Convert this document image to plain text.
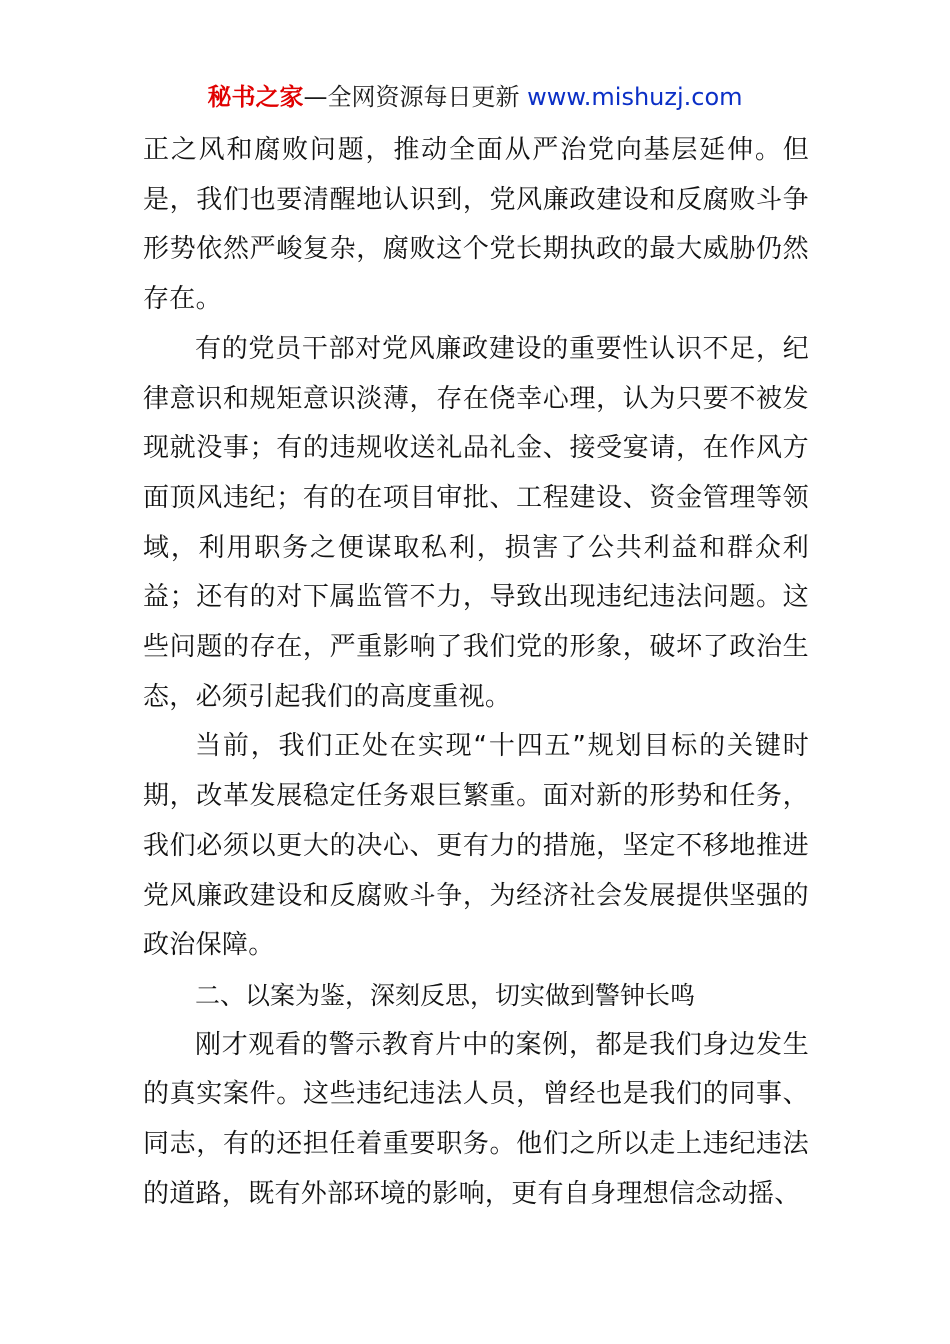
秘书之家—全网资源每日更新 www.mishuzj.com

正之风和腐败问题，推动全面从严治党向基层延伸。但是，我们也要清醒地认识到，党风廉政建设和反腐败斗争形势依然严峻复杂，腐败这个党长期执政的最大威胁仍然存在。

有的党员干部对党风廉政建设的重要性认识不足，纪律意识和规矩意识淡薄，存在侥幸心理，认为只要不被发现就没事；有的违规收送礼品礼金、接受宴请，在作风方面顶风违纪；有的在项目审批、工程建设、资金管理等领域，利用职务之便谋取私利，损害了公共利益和群众利益；还有的对下属监管不力，导致出现违纪违法问题。这些问题的存在，严重影响了我们党的形象，破坏了政治生态，必须引起我们的高度重视。

当前，我们正处在实现“十四五”规划目标的关键时期，改革发展稳定任务艰巨繁重。面对新的形势和任务，我们必须以更大的决心、更有力的措施，坚定不移地推进党风廉政建设和反腐败斗争，为经济社会发展提供坚强的政治保障。

二、以案为鉴，深刻反思，切实做到警钟长鸣

刚才观看的警示教育片中的案例，都是我们身边发生的真实案件。这些违纪违法人员，曾经也是我们的同事、同志，有的还担任着重要职务。他们之所以走上违纪违法的道路，既有外部环境的影响，更有自身理想信念动摇、
